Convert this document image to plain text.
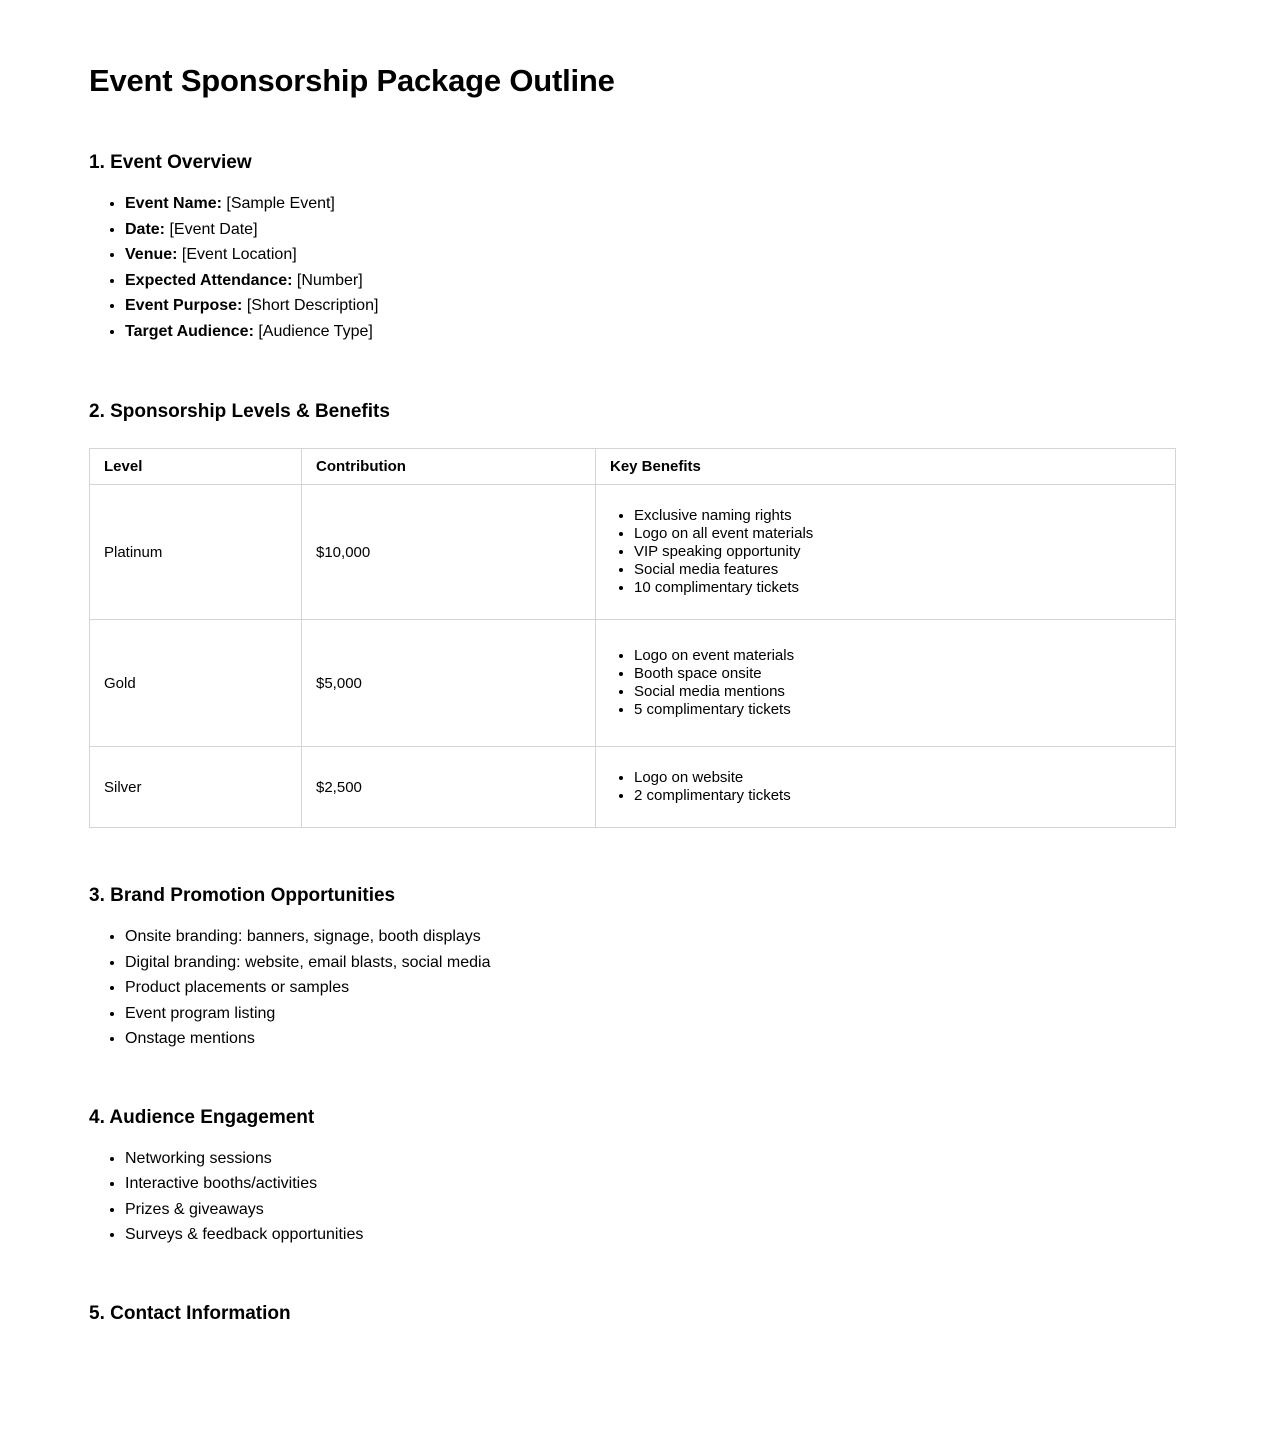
Event Sponsorship Package Outline
1. Event Overview
• Event Name: [Sample Event]
• Date: [Event Date]
• Venue: [Event Location]
• Expected Attendance: [Number]
• Event Purpose: [Short Description]
• Target Audience: [Audience Type]
2. Sponsorship Levels & Benefits
Level	Contribution	Key Benefits
Platinum	$10,000	
• Exclusive naming rights
• Logo on all event materials
• VIP speaking opportunity
• Social media features
• 10 complimentary tickets

Gold	$5,000	
• Logo on event materials
• Booth space onsite
• Social media mentions
• 5 complimentary tickets

Silver	$2,500	
• Logo on website
• 2 complimentary tickets
3. Brand Promotion Opportunities
• Onsite branding: banners, signage, booth displays
• Digital branding: website, email blasts, social media
• Product placements or samples
• Event program listing
• Onstage mentions
4. Audience Engagement
• Networking sessions
• Interactive booths/activities
• Prizes & giveaways
• Surveys & feedback opportunities
5. Contact Information
